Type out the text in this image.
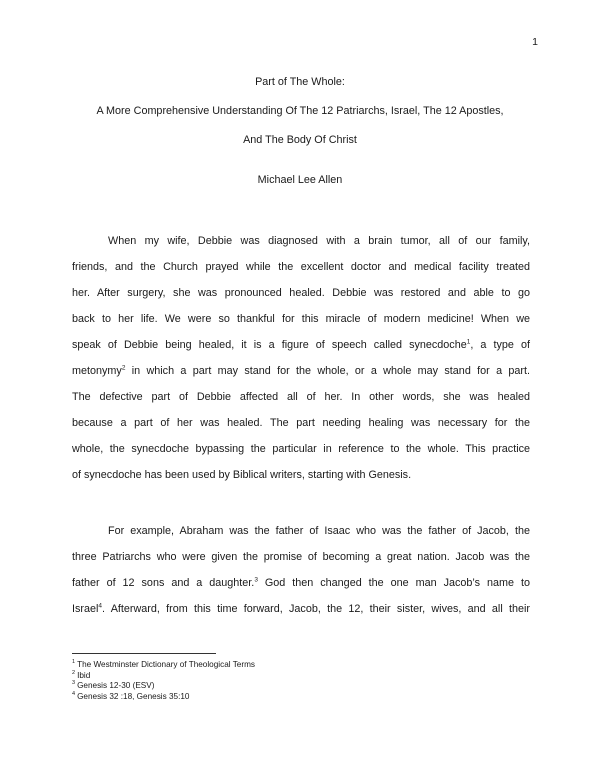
1
Part of The Whole:
A More Comprehensive Understanding Of The 12 Patriarchs, Israel, The 12 Apostles,
And The Body Of Christ
Michael Lee Allen
When my wife, Debbie was diagnosed with a brain tumor, all of our family,
friends, and the Church prayed while the excellent doctor and medical facility treated
her. After surgery, she was pronounced healed. Debbie was restored and able to go
back to her life. We were so thankful for this miracle of modern medicine! When we
speak of Debbie being healed, it is a figure of speech called synecdoche$^1$, a type of
metonymy$^2$ in which a part may stand for the whole, or a whole may stand for a part.
The defective part of Debbie affected all of her. In other words, she was healed
because a part of her was healed. The part needing healing was necessary for the
whole, the synecdoche bypassing the particular in reference to the whole. This practice
of synecdoche has been used by Biblical writers, starting with Genesis.
For example, Abraham was the father of Isaac who was the father of Jacob, the
three Patriarchs who were given the promise of becoming a great nation. Jacob was the
father of 12 sons and a daughter.$^3$ God then changed the one man Jacob’s name to
Israel$^4$. Afterward, from this time forward, Jacob, the 12, their sister, wives, and all their
$^1$ The Westminster Dictionary of Theological Terms
$^2$ Ibid
$^3$ Genesis 12-30 (ESV)
$^4$ Genesis 32 :18, Genesis 35:10
